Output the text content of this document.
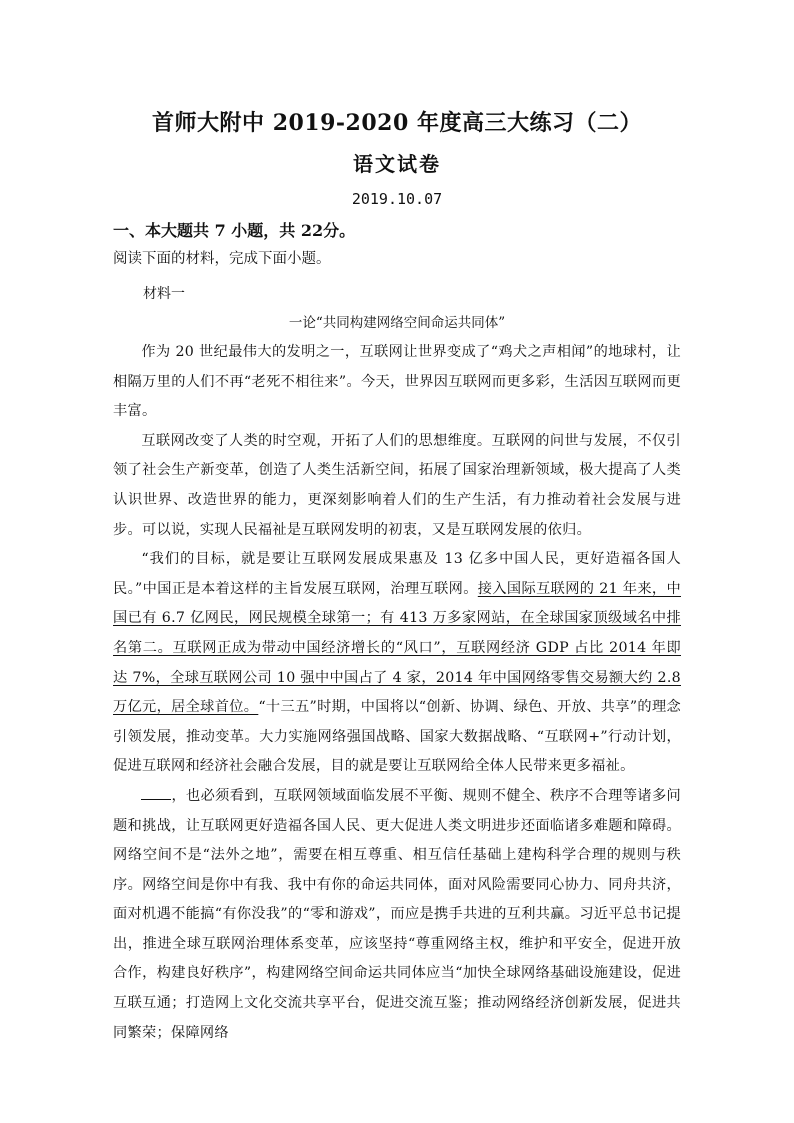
首师大附中 2019-2020 年度高三大练习（二）
语文试卷
2019.10.07
一、本大题共 7 小题，共 22分。
阅读下面的材料，完成下面小题。
材料一
一论“共同构建网络空间命运共同体”

作为 20 世纪最伟大的发明之一，互联网让世界变成了“鸡犬之声相闻”的地球村，让相隔万里的人们不再“老死不相往来”。今天，世界因互联网而更多彩，生活因互联网而更丰富。

互联网改变了人类的时空观，开拓了人们的思想维度。互联网的问世与发展，不仅引领了社会生产新变革，创造了人类生活新空间，拓展了国家治理新领域，极大提高了人类认识世界、改造世界的能力，更深刻影响着人们的生产生活，有力推动着社会发展与进步。可以说，实现人民福祉是互联网发明的初衷，又是互联网发展的依归。

“我们的目标，就是要让互联网发展成果惠及 13 亿多中国人民，更好造福各国人民。”中国正是本着这样的主旨发展互联网，治理互联网。接入国际互联网的 21 年来，中国已有 6.7 亿网民，网民规模全球第一；有 413 万多家网站，在全球国家顶级域名中排名第二。互联网正成为带动中国经济增长的“风口”，互联网经济 GDP 占比 2014 年即达 7%，全球互联网公司 10 强中中国占了 4 家，2014 年中国网络零售交易额大约 2.8 万亿元，居全球首位。“十三五”时期，中国将以“创新、协调、绿色、开放、共享”的理念引领发展，推动变革。大力实施网络强国战略、国家大数据战略、“互联网+”行动计划，促进互联网和经济社会融合发展，目的就是要让互联网给全体人民带来更多福祉。

，也必须看到，互联网领域面临发展不平衡、规则不健全、秩序不合理等诸多问题和挑战，让互联网更好造福各国人民、更大促进人类文明进步还面临诸多难题和障碍。网络空间不是“法外之地”，需要在相互尊重、相互信任基础上建构科学合理的规则与秩序。网络空间是你中有我、我中有你的命运共同体，面对风险需要同心协力、同舟共济，面对机遇不能搞“有你没我”的“零和游戏”，而应是携手共进的互利共赢。习近平总书记提出，推进全球互联网治理体系变革，应该坚持“尊重网络主权，维护和平安全，促进开放合作，构建良好秩序”，构建网络空间命运共同体应当“加快全球网络基础设施建设，促进互联互通；打造网上文化交流共享平台，促进交流互鉴；推动网络经济创新发展，促进共同繁荣；保障网络
